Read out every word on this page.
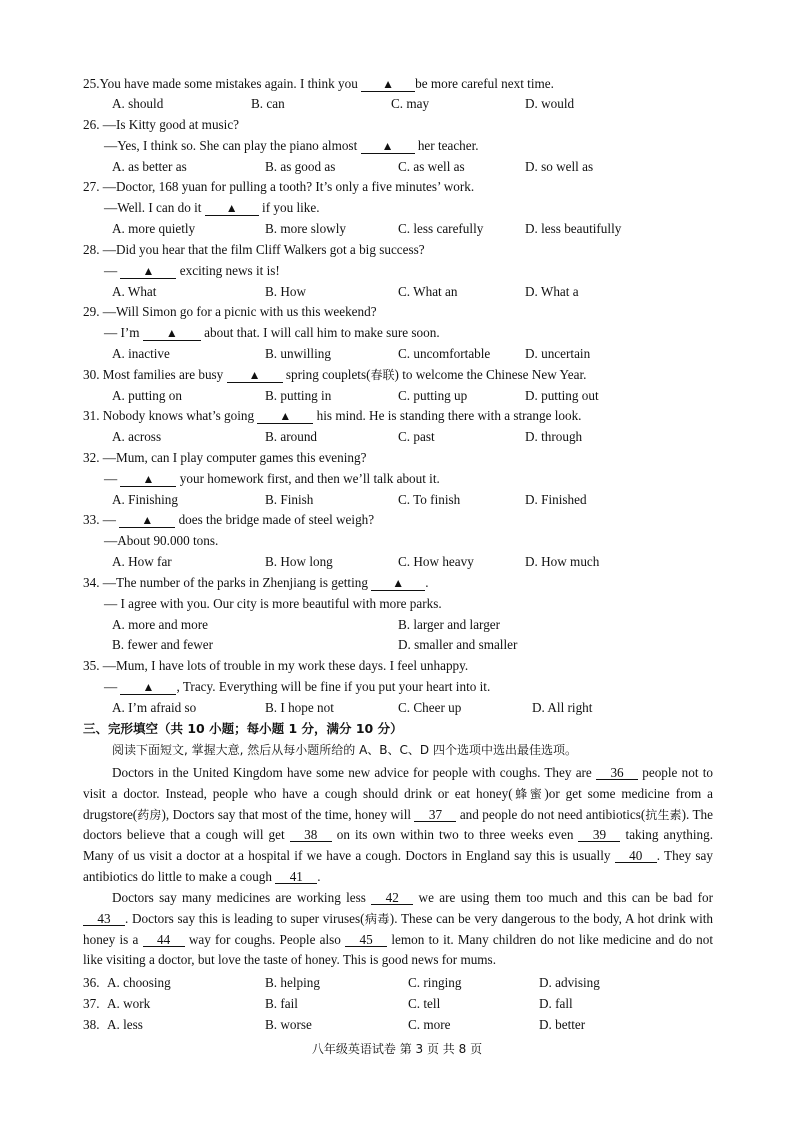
25.You have made some mistakes again. I think you ▲ be more careful next time.
A. should	B. can	C. may	D. would
26. —Is Kitty good at music?
—Yes, I think so. She can play the piano almost ▲ her teacher.
A. as better as	B. as good as	C. as well as	D. so well as
27. —Doctor, 168 yuan for pulling a tooth? It’s only a five minutes’ work.
—Well. I can do it ▲ if you like.
A. more quietly	B. more slowly	C. less carefully	D. less beautifully
28. —Did you hear that the film Cliff Walkers got a big success?
— ▲ exciting news it is!
A. What	B. How	C. What an	D. What a
29. —Will Simon go for a picnic with us this weekend?
— I’m ▲ about that. I will call him to make sure soon.
A. inactive	B. unwilling	C. uncomfortable	D. uncertain
30. Most families are busy ▲ spring couplets(春联) to welcome the Chinese New Year.
A. putting on	B. putting in	C. putting up	D. putting out
31. Nobody knows what’s going ▲ his mind. He is standing there with a strange look.
A. across	B. around	C. past	D. through
32. —Mum, can I play computer games this evening?
— ▲ your homework first, and then we’ll talk about it.
A. Finishing	B. Finish	C. To finish	D. Finished
33. — ▲ does the bridge made of steel weigh?
—About 90.000 tons.
A. How far	B. How long	C. How heavy	D. How much
34. —The number of the parks in Zhenjiang is getting ▲ .
— I agree with you. Our city is more beautiful with more parks.
A. more and more	B. larger and larger
B. fewer and fewer	D. smaller and smaller
35. —Mum, I have lots of trouble in my work these days. I feel unhappy.
— ▲ , Tracy. Everything will be fine if you put your heart into it.
A. I’m afraid so	B. I hope not	C. Cheer up	D. All right
三、完形填空（共 10 小题；每小题 1 分，满分 10 分）
阅读下面短文, 掌握大意, 然后从每小题所给的 A、B、C、D 四个选项中选出最佳选项。
Doctors in the United Kingdom have some new advice for people with coughs. They are 36 people not to visit a doctor. Instead, people who have a cough should drink or eat honey(蜂蜜)or get some medicine from a drugstore(药房), Doctors say that most of the time, honey will 37 and people do not need antibiotics(抗生素). The doctors believe that a cough will get 38 on its own within two to three weeks even 39 taking anything. Many of us visit a doctor at a hospital if we have a cough. Doctors in England say this is usually 40 . They say antibiotics do little to make a cough 41 .
Doctors say many medicines are working less 42 we are using them too much and this can be bad for 43 . Doctors say this is leading to super viruses(病毒). These can be very dangerous to the body, A hot drink with honey is a 44 way for coughs. People also 45 lemon to it. Many children do not like medicine and do not like visiting a doctor, but love the taste of honey. This is good news for mums.
36. A. choosing	B. helping	C. ringing	D. advising
37. A. work	B. fail	C. tell	D. fall
38. A. less	B. worse	C. more	D. better
八年级英语试卷 第 3 页 共 8 页
